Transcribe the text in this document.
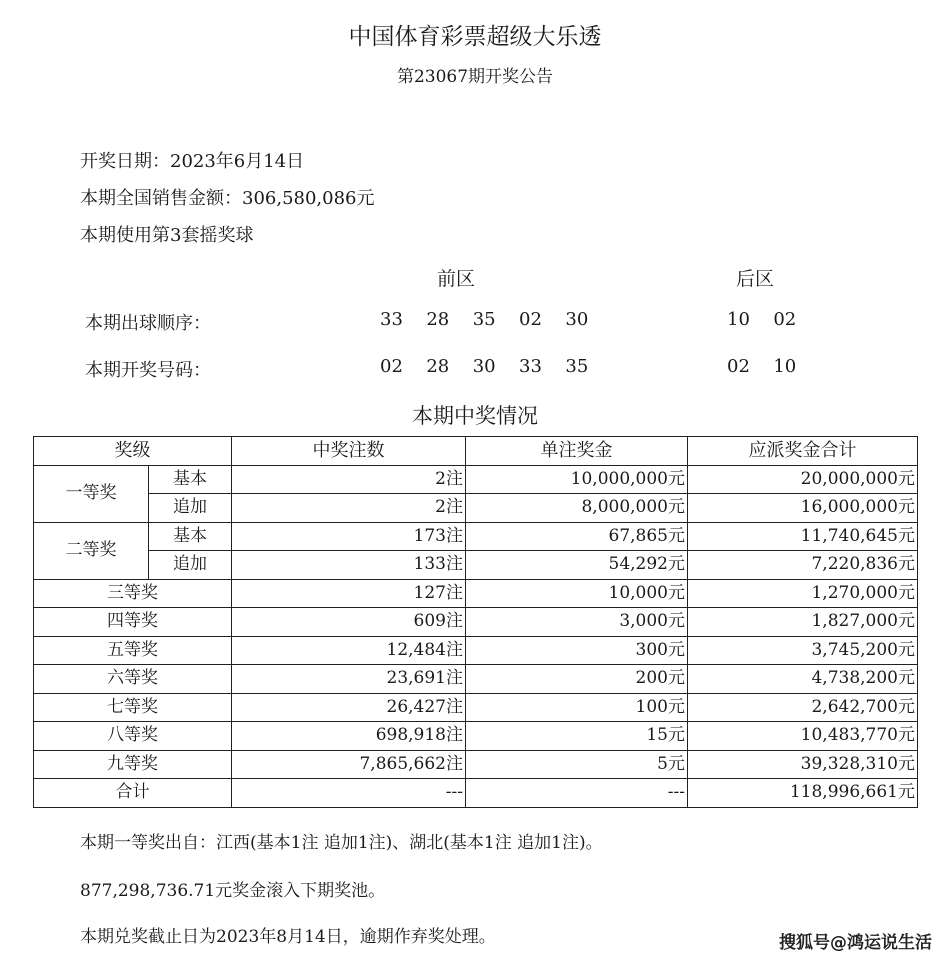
中国体育彩票超级大乐透
第23067期开奖公告
开奖日期：2023年6月14日
本期全国销售金额：306,580,086元
本期使用第3套摇奖球
前区	后区
本期出球顺序：	33  28  35  02  30	10  02
本期开奖号码：	02  28  30  33  35	02  10
本期中奖情况
奖级		中奖注数	单注奖金	应派奖金合计
一等奖	基本	2注	10,000,000元	20,000,000元
	追加	2注	8,000,000元	16,000,000元
二等奖	基本	173注	67,865元	11,740,645元
	追加	133注	54,292元	7,220,836元
三等奖		127注	10,000元	1,270,000元
四等奖		609注	3,000元	1,827,000元
五等奖		12,484注	300元	3,745,200元
六等奖		23,691注	200元	4,738,200元
七等奖		26,427注	100元	2,642,700元
八等奖		698,918注	15元	10,483,770元
九等奖		7,865,662注	5元	39,328,310元
合计		---	---	118,996,661元
本期一等奖出自：江西(基本1注 追加1注)、湖北(基本1注 追加1注)。
877,298,736.71元奖金滚入下期奖池。
本期兑奖截止日为2023年8月14日，逾期作弃奖处理。	搜狐号@鸿运说生活
